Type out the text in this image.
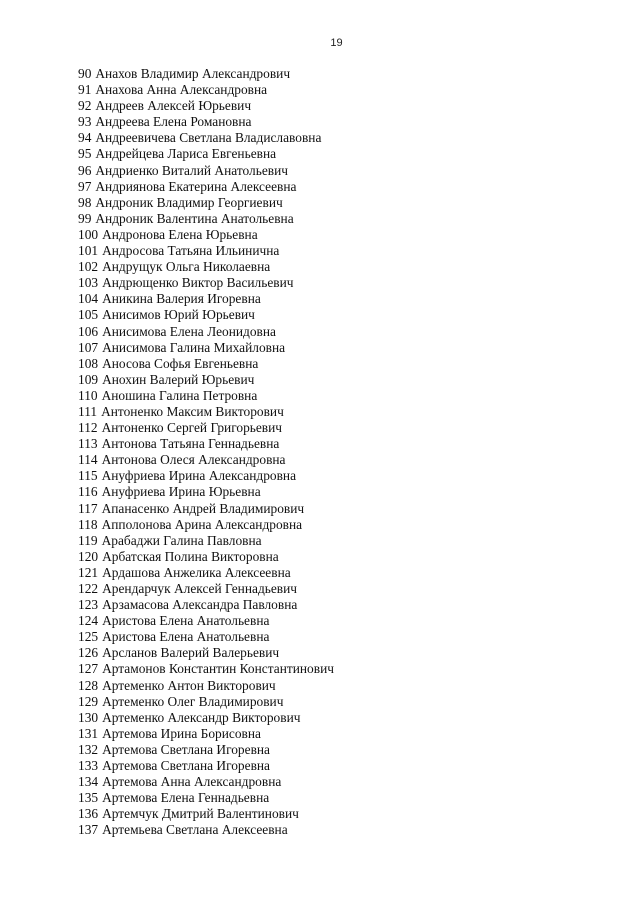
19
90 Анахов Владимир Александрович
91 Анахова Анна Александровна
92 Андреев Алексей Юрьевич
93 Андреева Елена Романовна
94 Андреевичева Светлана Владиславовна
95 Андрейцева Лариса Евгеньевна
96 Андриенко Виталий Анатольевич
97 Андриянова Екатерина Алексеевна
98 Андроник Владимир Георгиевич
99 Андроник Валентина Анатольевна
100 Андронова Елена Юрьевна
101 Андросова Татьяна Ильинична
102 Андрущук Ольга Николаевна
103 Андрющенко Виктор Васильевич
104 Аникина Валерия Игоревна
105 Анисимов Юрий Юрьевич
106 Анисимова Елена Леонидовна
107 Анисимова Галина Михайловна
108 Аносова Софья Евгеньевна
109 Анохин Валерий Юрьевич
110 Аношина Галина Петровна
111 Антоненко Максим Викторович
112 Антоненко Сергей Григорьевич
113 Антонова Татьяна Геннадьевна
114 Антонова Олеся Александровна
115 Ануфриева Ирина Александровна
116 Ануфриева Ирина Юрьевна
117 Апанасенко Андрей Владимирович
118 Апполонова Арина Александровна
119 Арабаджи Галина Павловна
120 Арбатская Полина Викторовна
121 Ардашова Анжелика Алексеевна
122 Арендарчук Алексей Геннадьевич
123 Арзамасова Александра Павловна
124 Аристова Елена Анатольевна
125 Аристова Елена Анатольевна
126 Арсланов Валерий Валерьевич
127 Артамонов Константин Константинович
128 Артеменко Антон Викторович
129 Артеменко Олег Владимирович
130 Артеменко Александр Викторович
131 Артемова Ирина Борисовна
132 Артемова Светлана Игоревна
133 Артемова Светлана Игоревна
134 Артемова Анна Александровна
135 Артемова Елена Геннадьевна
136 Артемчук Дмитрий Валентинович
137 Артемьева Светлана Алексеевна
